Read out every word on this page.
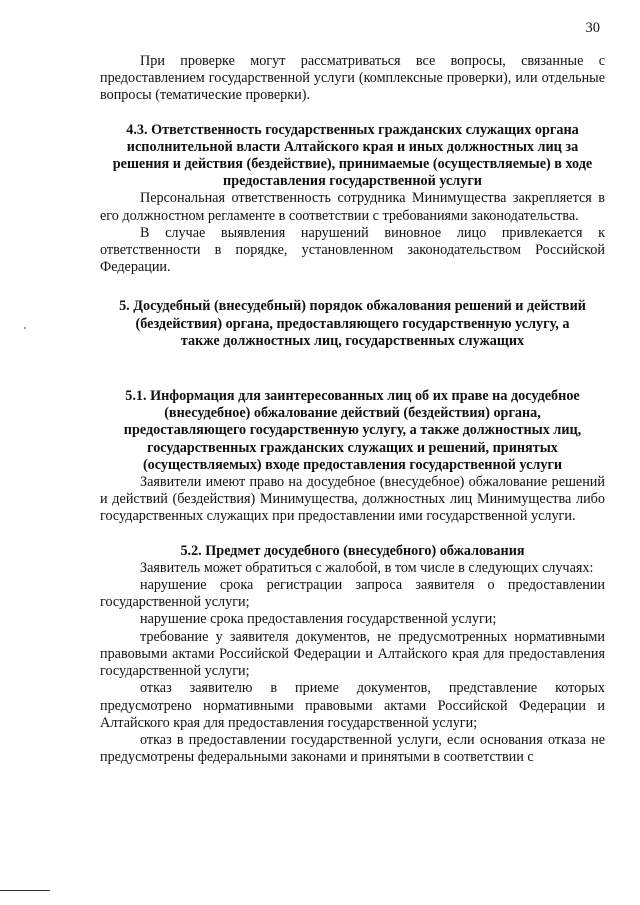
30

При проверке могут рассматриваться все вопросы, связанные с предоставлением государственной услуги (комплексные проверки), или отдельные вопросы (тематические проверки).

4.3. Ответственность государственных гражданских служащих органа исполнительной власти Алтайского края и иных должностных лиц за решения и действия (бездействие), принимаемые (осуществляемые) в ходе предоставления государственной услуги

Персональная ответственность сотрудника Минимущества закрепляется в его должностном регламенте в соответствии с требованиями законодательства.

В случае выявления нарушений виновное лицо привлекается к ответственности в порядке, установленном законодательством Российской Федерации.

5. Досудебный (внесудебный) порядок обжалования решений и действий (бездействия) органа, предоставляющего государственную услугу, а также должностных лиц, государственных служащих

5.1. Информация для заинтересованных лиц об их праве на досудебное (внесудебное) обжалование действий (бездействия) органа, предоставляющего государственную услугу, а также должностных лиц, государственных гражданских служащих и решений, принятых (осуществляемых) входе предоставления государственной услуги

Заявители имеют право на досудебное (внесудебное) обжалование решений и действий (бездействия) Минимущества, должностных лиц Минимущества либо государственных служащих при предоставлении ими государственной услуги.

5.2. Предмет досудебного (внесудебного) обжалования

Заявитель может обратиться с жалобой, в том числе в следующих случаях:

нарушение срока регистрации запроса заявителя о предоставлении государственной услуги;

нарушение срока предоставления государственной услуги;

требование у заявителя документов, не предусмотренных нормативными правовыми актами Российской Федерации и Алтайского края для предоставления государственной услуги;

отказ заявителю в приеме документов, представление которых предусмотрено нормативными правовыми актами Российской Федерации и Алтайского края для предоставления государственной услуги;

отказ в предоставлении государственной услуги, если основания отказа не предусмотрены федеральными законами и принятыми в соответствии с
